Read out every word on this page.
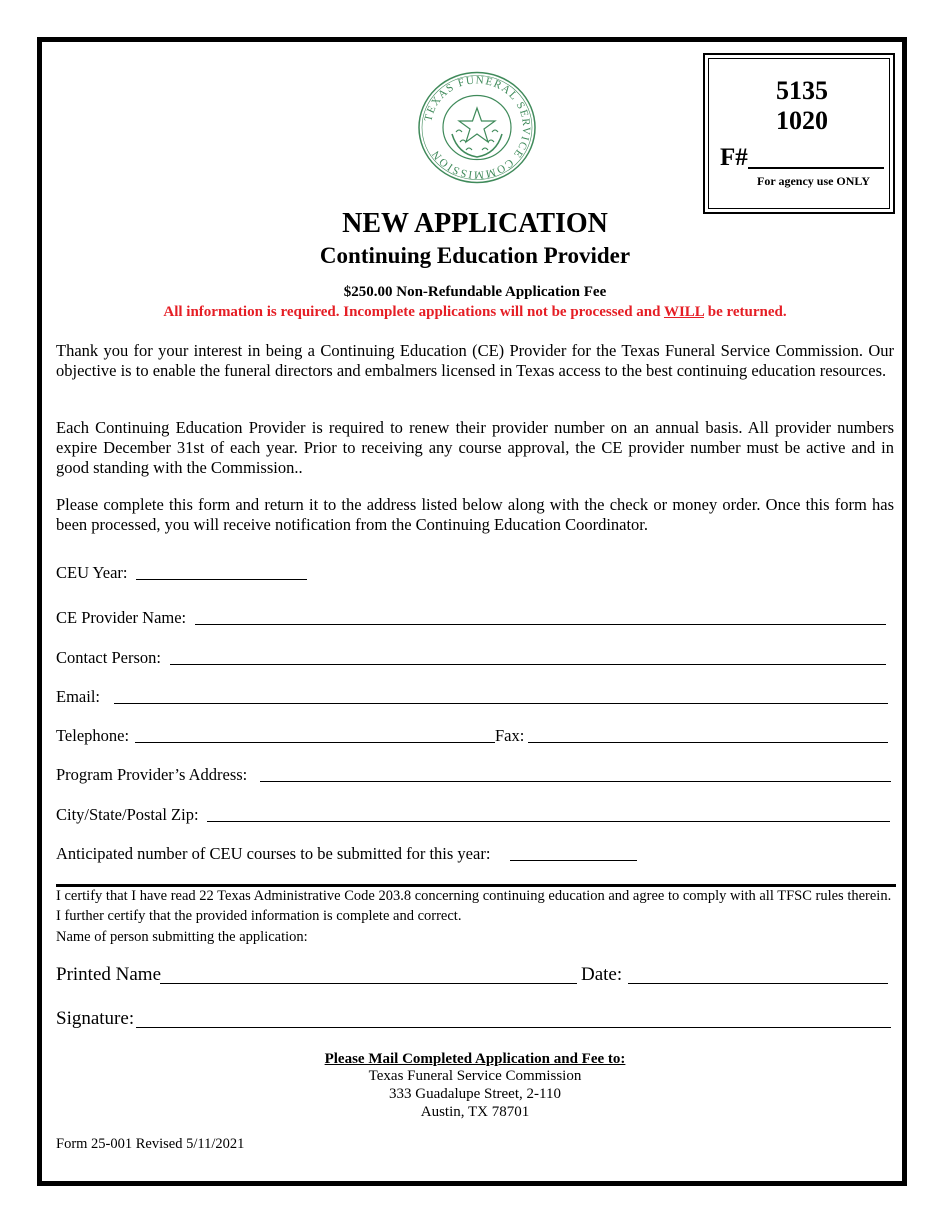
TEXAS FUNERAL SERVICE COMMISSION
5135
1020
F#
For agency use ONLY
NEW APPLICATION
Continuing Education Provider
$250.00 Non-Refundable Application Fee
All information is required. Incomplete applications will not be processed and WILL be returned.

Thank you for your interest in being a Continuing Education (CE) Provider for the Texas Funeral Service Commission. Our objective is to enable the funeral directors and embalmers licensed in Texas access to the best continuing education resources.

Each Continuing Education Provider is required to renew their provider number on an annual basis. All provider numbers expire December 31st of each year. Prior to receiving any course approval, the CE provider number must be active and in good standing with the Commission..

Please complete this form and return it to the address listed below along with the check or money order. Once this form has been processed, you will receive notification from the Continuing Education Coordinator.

CEU Year:
CE Provider Name:
Contact Person:
Email:
Telephone:	Fax:
Program Provider’s Address:
City/State/Postal Zip:
Anticipated number of CEU courses to be submitted for this year:

I certify that I have read 22 Texas Administrative Code 203.8 concerning continuing education and agree to comply with all TFSC rules therein. I further certify that the provided information is complete and correct.

Name of person submitting the application:

Printed Name	Date:
Signature:
Please Mail Completed Application and Fee to:
Texas Funeral Service Commission
333 Guadalupe Street, 2-110
Austin, TX 78701
Form 25-001 Revised 5/11/2021
